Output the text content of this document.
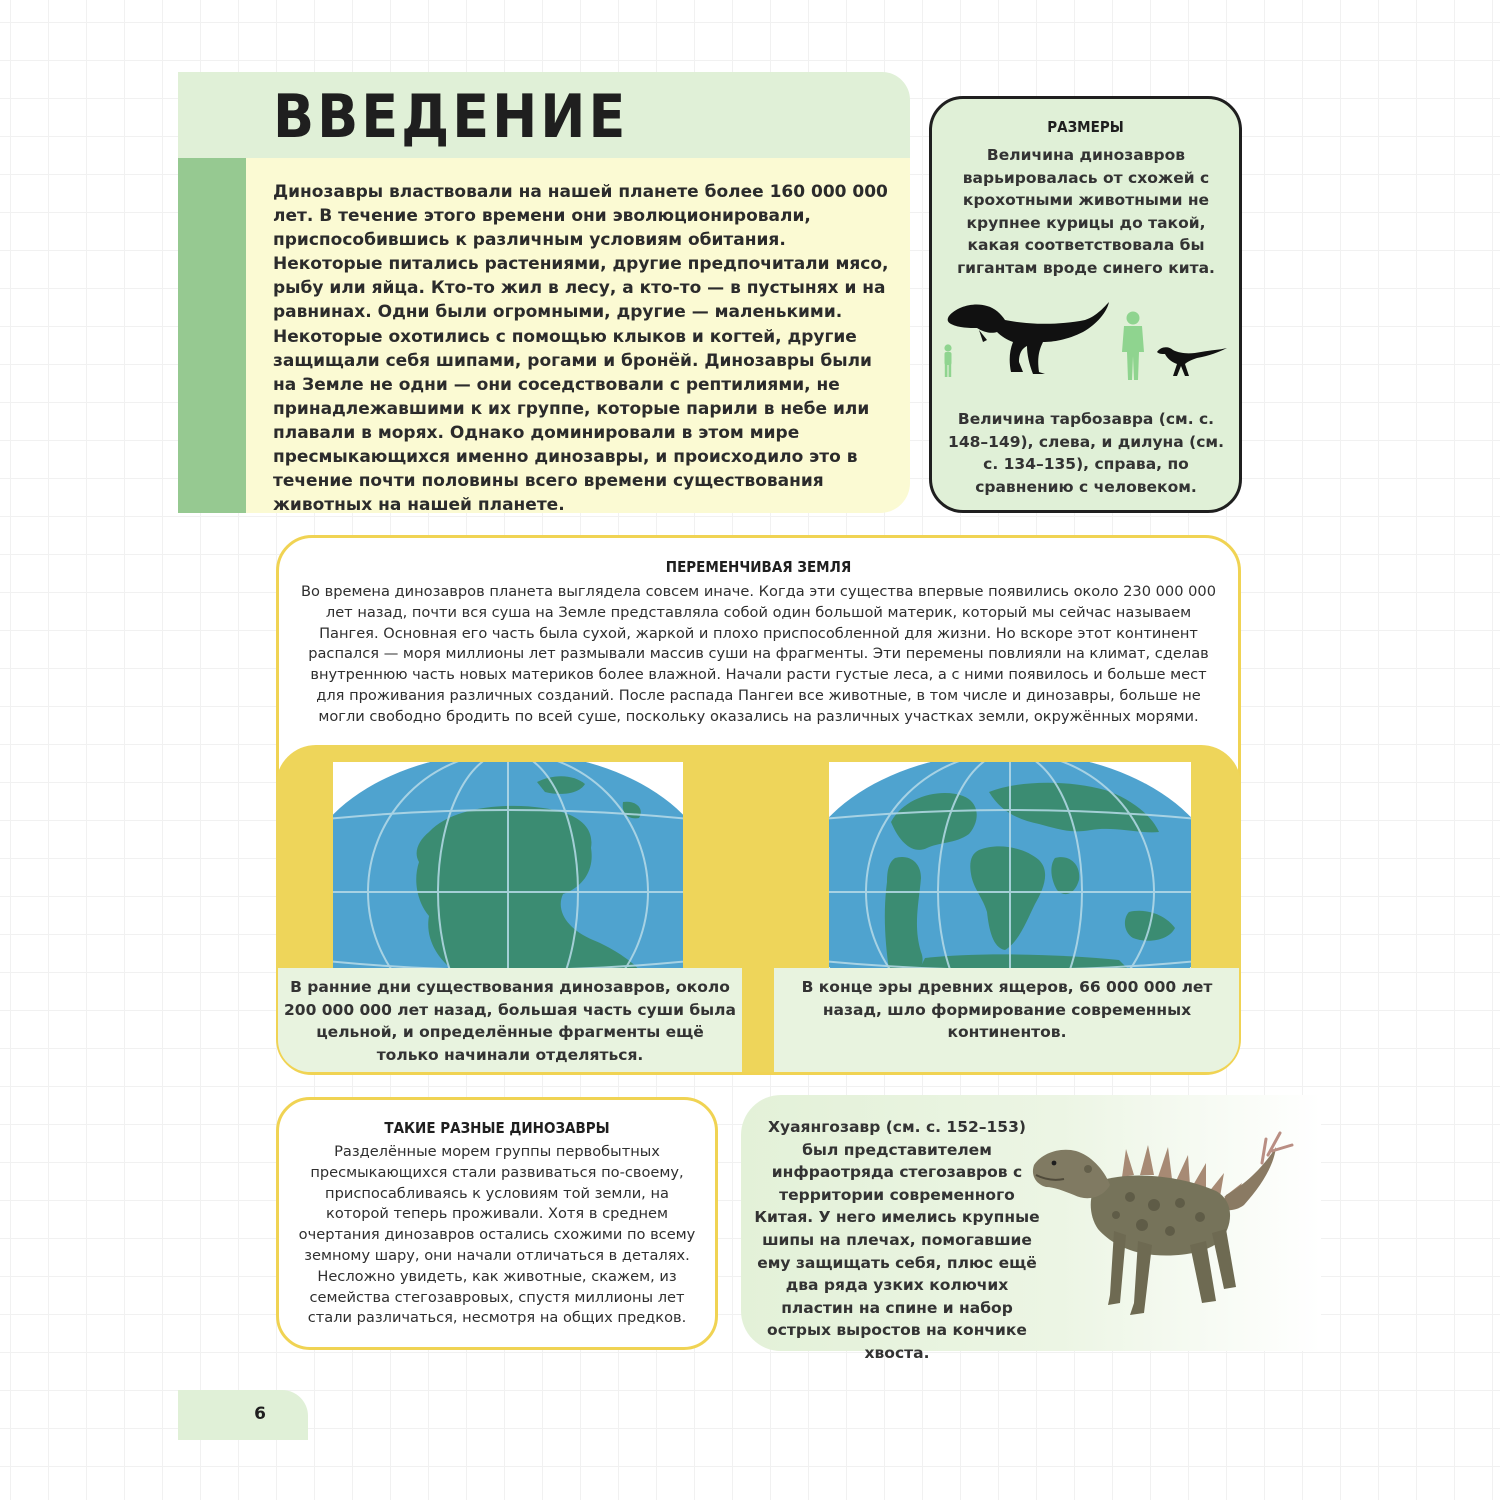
ВВЕДЕНИЕ
Динозавры властвовали на нашей планете более 160 000 000 лет. В течение этого времени они эволюционировали, приспособившись к различным условиям обитания. Некоторые питались растениями, другие предпочитали мясо, рыбу или яйца. Кто-то жил в лесу, а кто-то — в пустынях и на равнинах. Одни были огромными, другие — маленькими. Некоторые охотились с помощью клыков и когтей, другие защищали себя шипами, рогами и бронёй. Динозавры были на Земле не одни — они соседствовали с рептилиями, не принадлежавшими к их группе, которые парили в небе или плавали в морях. Однако доминировали в этом мире пресмыкающихся именно динозавры, и происходило это в течение почти половины всего времени существования животных на нашей планете.
РАЗМЕРЫ
Величина динозавров варьировалась от схожей с крохотными животными не крупнее курицы до такой, какая соответствовала бы гигантам вроде синего кита.
Величина тарбозавра (см. с. 148–149), слева, и дилуна (см. с. 134–135), справа, по сравнению с человеком.
ПЕРЕМЕНЧИВАЯ ЗЕМЛЯ
Во времена динозавров планета выглядела совсем иначе. Когда эти существа впервые появились около 230 000 000 лет назад, почти вся суша на Земле представляла собой один большой материк, который мы сейчас называем Пангея. Основная его часть была сухой, жаркой и плохо приспособленной для жизни. Но вскоре этот континент распался — моря миллионы лет размывали массив суши на фрагменты. Эти перемены повлияли на климат, сделав внутреннюю часть новых материков более влажной. Начали расти густые леса, а с ними появилось и больше мест для проживания различных созданий. После распада Пангеи все животные, в том числе и динозавры, больше не могли свободно бродить по всей суше, поскольку оказались на различных участках земли, окружённых морями.
В ранние дни существования динозавров, около 200 000 000 лет назад, большая часть суши была цельной, и определённые фрагменты ещё только начинали отделяться.
В конце эры древних ящеров, 66 000 000 лет назад, шло формирование современных континентов.
ТАКИЕ РАЗНЫЕ ДИНОЗАВРЫ
Разделённые морем группы первобытных пресмыкающихся стали развиваться по-своему, приспосабливаясь к условиям той земли, на которой теперь проживали. Хотя в среднем очертания динозавров остались схожими по всему земному шару, они начали отличаться в деталях. Несложно увидеть, как животные, скажем, из семейства стегозавровых, спустя миллионы лет стали различаться, несмотря на общих предков.
Хуаянгозавр (см. с. 152–153) был представителем инфраотряда стегозавров с территории современного Китая. У него имелись крупные шипы на плечах, помогавшие ему защищать себя, плюс ещё два ряда узких колючих пластин на спине и набор острых выростов на кончике хвоста.
6
